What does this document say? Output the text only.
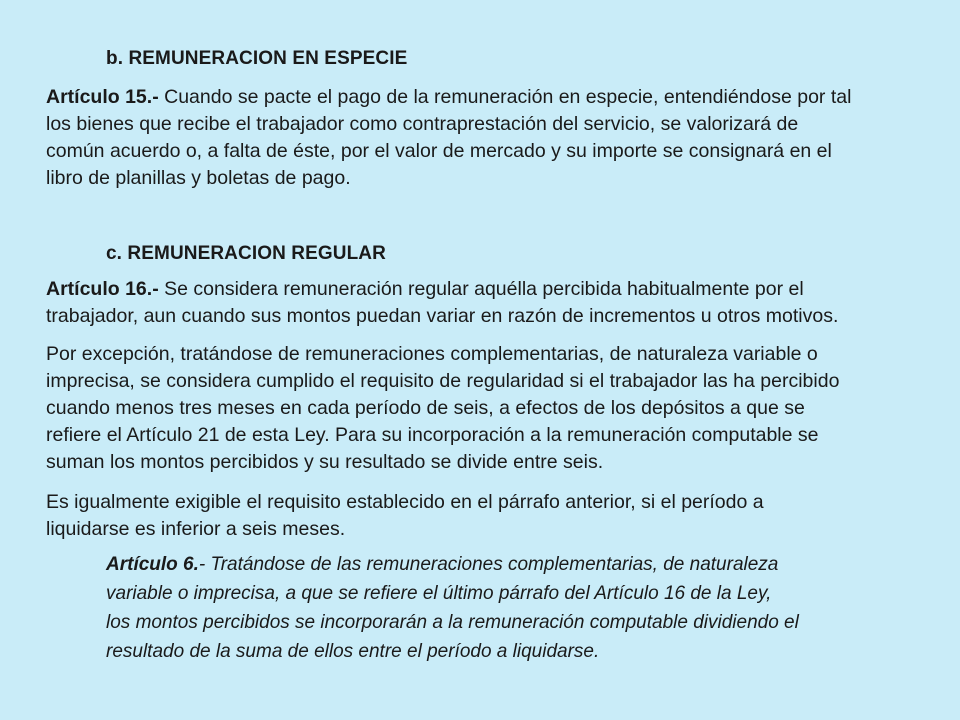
b. REMUNERACION EN ESPECIE
Artículo 15.- Cuando se pacte el pago de la remuneración en especie, entendiéndose por tal
los bienes que recibe el trabajador como contraprestación del servicio, se valorizará de
común acuerdo o, a falta de éste, por el valor de mercado y su importe se consignará en el
libro de planillas y boletas de pago.
c. REMUNERACION REGULAR
Artículo 16.- Se considera remuneración regular aquélla percibida habitualmente por el
trabajador, aun cuando sus montos puedan variar en razón de incrementos u otros motivos.
Por excepción, tratándose de remuneraciones complementarias, de naturaleza variable o
imprecisa, se considera cumplido el requisito de regularidad si el trabajador las ha percibido
cuando menos tres meses en cada período de seis, a efectos de los depósitos a que se
refiere el Artículo 21 de esta Ley. Para su incorporación a la remuneración computable se
suman los montos percibidos y su resultado se divide entre seis.
Es igualmente exigible el requisito establecido en el párrafo anterior, si el período a
liquidarse es inferior a seis meses.
Artículo 6.- Tratándose de las remuneraciones complementarias, de naturaleza
variable o imprecisa, a que se refiere el último párrafo del Artículo 16 de la Ley,
los montos percibidos se incorporarán a la remuneración computable dividiendo el
resultado de la suma de ellos entre el período a liquidarse.
